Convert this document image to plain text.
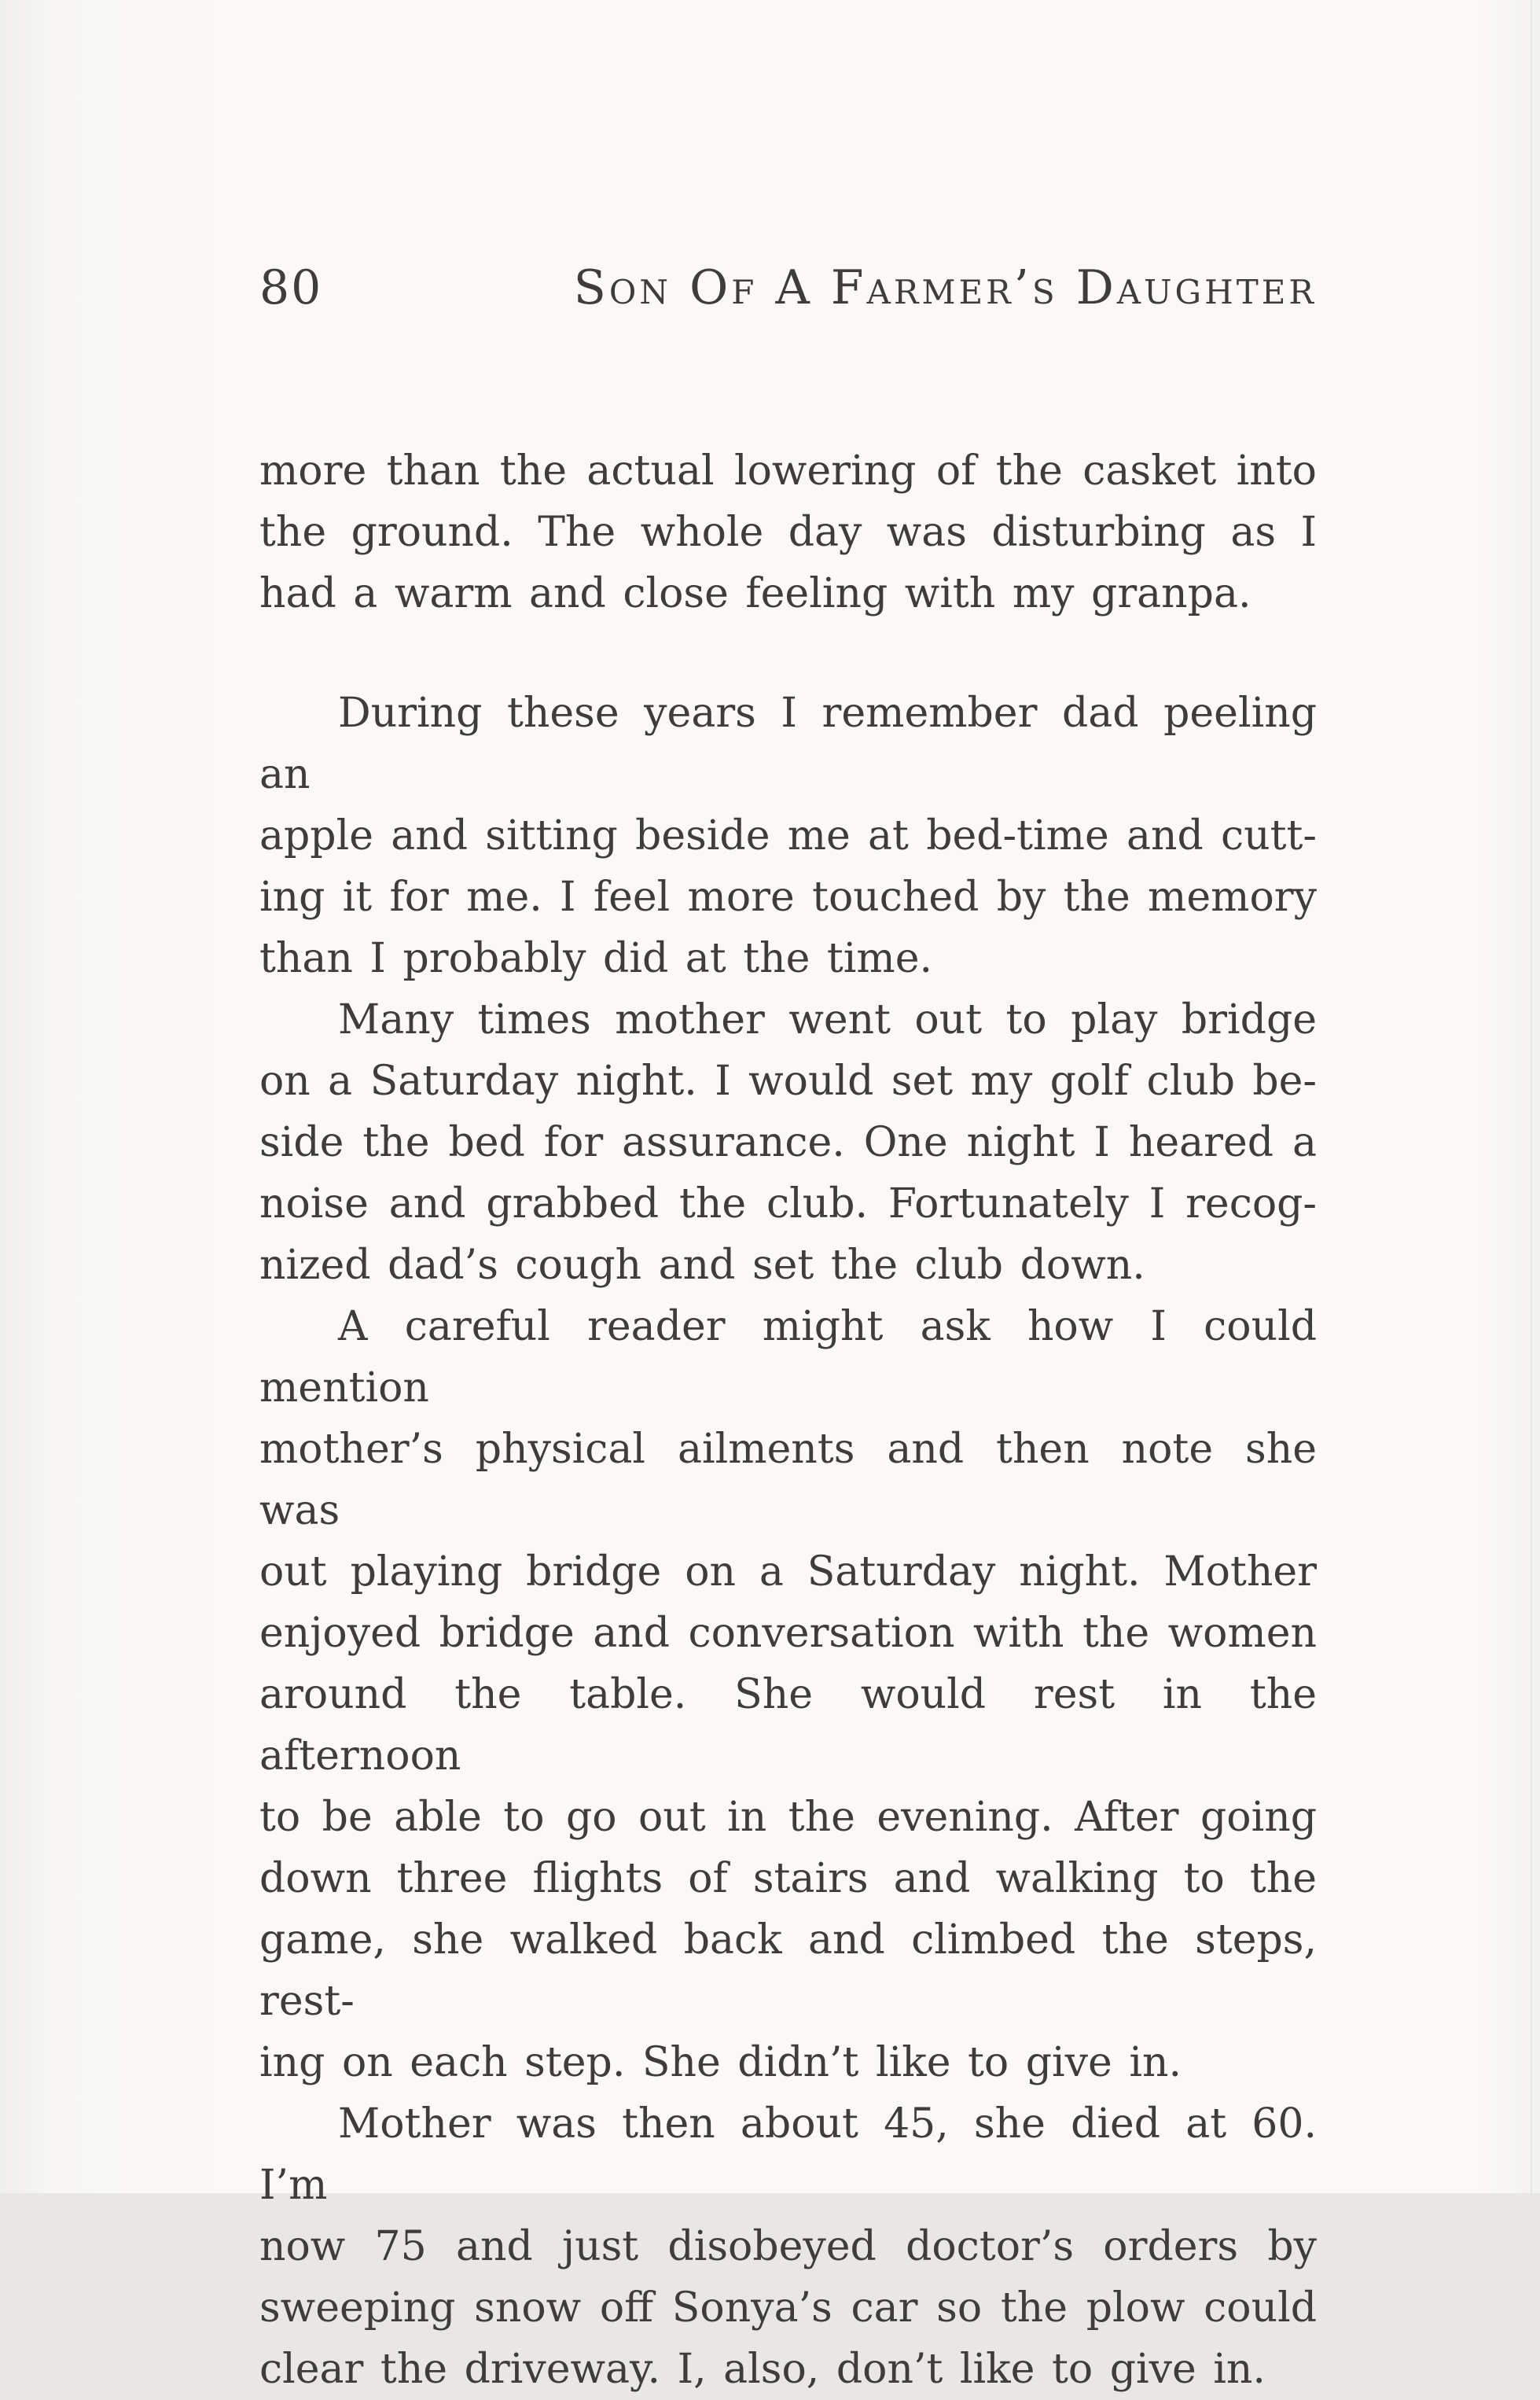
80	Son Of A Farmer’s Daughter
more than the actual lowering of the casket into
the ground. The whole day was disturbing as I
had a warm and close feeling with my granpa.
During these years I remember dad peeling an
apple and sitting beside me at bed-time and cutt-
ing it for me. I feel more touched by the memory
than I probably did at the time.
Many times mother went out to play bridge
on a Saturday night. I would set my golf club be-
side the bed for assurance. One night I heared a
noise and grabbed the club. Fortunately I recog-
nized dad’s cough and set the club down.
A careful reader might ask how I could mention
mother’s physical ailments and then note she was
out playing bridge on a Saturday night. Mother
enjoyed bridge and conversation with the women
around the table. She would rest in the afternoon
to be able to go out in the evening. After going
down three flights of stairs and walking to the
game, she walked back and climbed the steps, rest-
ing on each step. She didn’t like to give in.
Mother was then about 45, she died at 60. I’m
now 75 and just disobeyed doctor’s orders by
sweeping snow off Sonya’s car so the plow could
clear the driveway. I, also, don’t like to give in.
